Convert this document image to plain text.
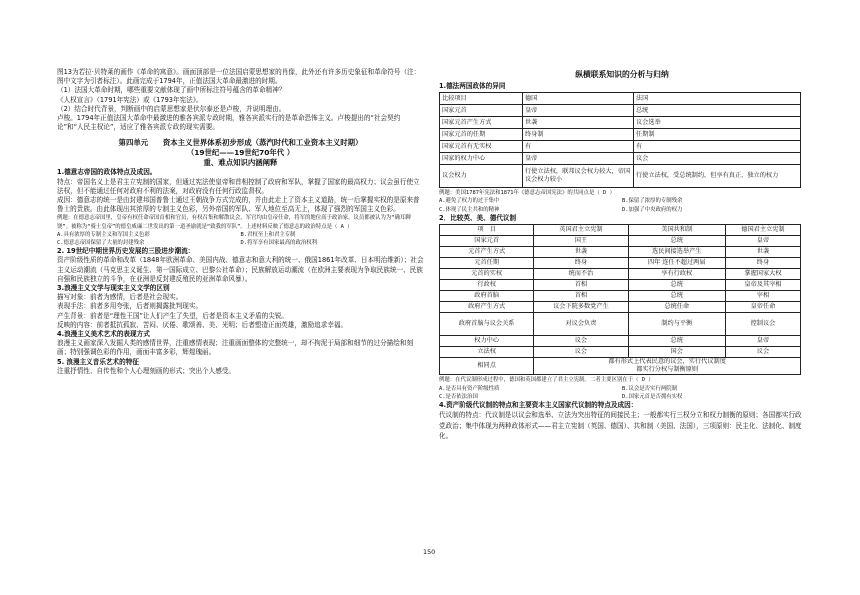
图13为若拉·贝特莱的画作《革命的寓意》。画面顶部是一位法国启蒙思想家的肖像，此外还有许多历史象征和革命符号（注：图中文字为引者标注）。此画完成于1794年，正值法国大革命最激进的时期。

（1）法国大革命时期，哪些重要文献体现了画中所标注符号蕴含的革命精神？

《人权宣言》（1791年宪法）或《1793年宪法》。

（2）结合时代背景，判断画中的启蒙思想家是伏尔泰还是卢梭，并说明理由。

卢梭。1794年正值法国大革命中最激进的雅各宾派专政时期，雅各宾派实行的是革命恐怖主义。卢梭提出的“社会契约论”和“人民主权论”，适应了雅各宾派专政的现实需要。

第四单元　　资本主义世界体系初步形成（蒸汽时代和工业资本主义时期）
（19世纪——19世纪70年代 ）
重、难点知识内涵阐释

1.德意志帝国的政体特点及成因。

特点：帝国名义上是君主立宪制的国家，但通过宪法使皇帝和首相控制了政府和军队，掌握了国家的最高权力；议会虽行使立法权，但不能通过任何对政府不利的法案，对政府没有任何行政监督权。

成因：德意志的统一是由封建邦国普鲁士通过王朝战争方式完成的，并由此走上了资本主义道路，统一后掌握实权的是原来普鲁士的贵族。由此体现出其浓厚的专制主义色彩，另外帝国的军队、军人地位至高无上，体现了强烈的军国主义色彩。

例题：在德意志帝国里，皇帝有权任命帝国首相和官员，有权召集和解散议会，军官均由皇帝任命，将军的地位高于政治家，议员都被认为为“确耳聊饶”。被称为“骑士皇帝”的德皇威廉二世发出的第一道圣谕就是“致我的军队”。上述材料反映了德意志的政治特点是（ A ）

A.具有浓厚的专制主义和军国主义色彩	B.君权至上和君主专制
C.德意志帝国保留了大量的封建残余	D.将军享有国家最高的政治权利

2. 19世纪中期世界历史发展的三股进步潮流：

资产阶级性质的革命和改革（1848年欧洲革命、美国内战、德意志和意大利的统一、俄国1861年改革、日本明治维新）；社会主义运动潮流（马克思主义诞生、第一国际成立、巴黎公社革命）；民族解放运动潮流（在欧洲主要表现为争取民族统一、民族自强和民族独立的斗争，在亚洲是反封建反殖民的亚洲革命风暴）。

3.浪漫主义文学与现实主义文学的区别

描写对象：前者为感情，后者是社会现实。

表现手法：前者多用夸张，后者则揭露批判现实。

产生背景：前者是“理性王国”让人们产生了失望，后者是资本主义矛盾的尖锐。

反映的内容：前者抵抗孤寂、苦闷、厌倦、歌颂善、美、光明；后者塑造正面英雄，激励追求幸福。

4.浪漫主义美术艺术的表现方式

浪漫主义画家深入发掘人类的感情世界，注重感情表现；注重画面整体的完整统一，却不拘泥于局部和细节的过分描绘和刻画；特别强调色彩的作用，画面丰富多彩，辉煌瑰丽。

5. 浪漫主义音乐艺术的特征

注重抒情性、自传性和个人心理刻画的形式；突出个人感受。

纵横联系知识的分析与归纳
1.德法两国政体的异同
比较项目	德国	法国
国家元首	皇帝	总统
国家元首产生方式	世袭	议会选举
国家元首的任期	终身制	任期制
国家元首有无实权	有	有
国家的权力中心	皇帝	议会
议会权力	行使立法权，联邦议会权力较大，帝国议会权力较小	行使立法权，受总统制约，但享有真正、独立的权力
例题：美国1787年宪法和1871年《德意志帝国宪法》的共同点是（ D ）
A.避免了权力的过于集中	B.保留了浓厚的专制残余
C.体现了民主共和的精神	D.加强了中央政府的权力
2．比较英、美、德代议制
项　目	英国君主立宪制	美国共和制	德国君主立宪制
国家元首	国王	总统	皇帝
元首产生方式	世袭	选民间接选举产生	世袭
元首任期	终身	四年 连任不超过两届	终身
元首的实权	统而不治	享有行政权	掌握国家大权
行政权	首相	总统	皇帝及其宰相
政府首脑	首相	总统	宰相
政府产生方式	议会下院多数党产生	总统任命	皇帝任命
政府首脑与议会关系	对议会负责	制约与平衡	控制议会
权力中心	议会	总统	皇帝
立法权	议会	国会	议会
相同点	都有形式上代表民意的议会，实行代议制度
都实行分权与制衡原则		
例题：在代议制形成过程中，德国和英国都建立了君主立宪制。二者主要区别在于（ D ）
A.是否具有资产阶级性质	B.议会是否实行两院制
C.是否依法治国	D.国家元首是否拥有实权
4.资产阶级代议制的特点和主要资本主义国家代议制的特点及成因：
代议制的特点：代议制是以议会和选举、立法为突出特征的间接民主；一般都实行三权分立和权力制衡的原则；各国都实行政党政治；集中体现为两种政体形式——君主立宪制（英国、德国）、共和制（美国、法国），三项原则：民主化、法制化、制度化。
150
